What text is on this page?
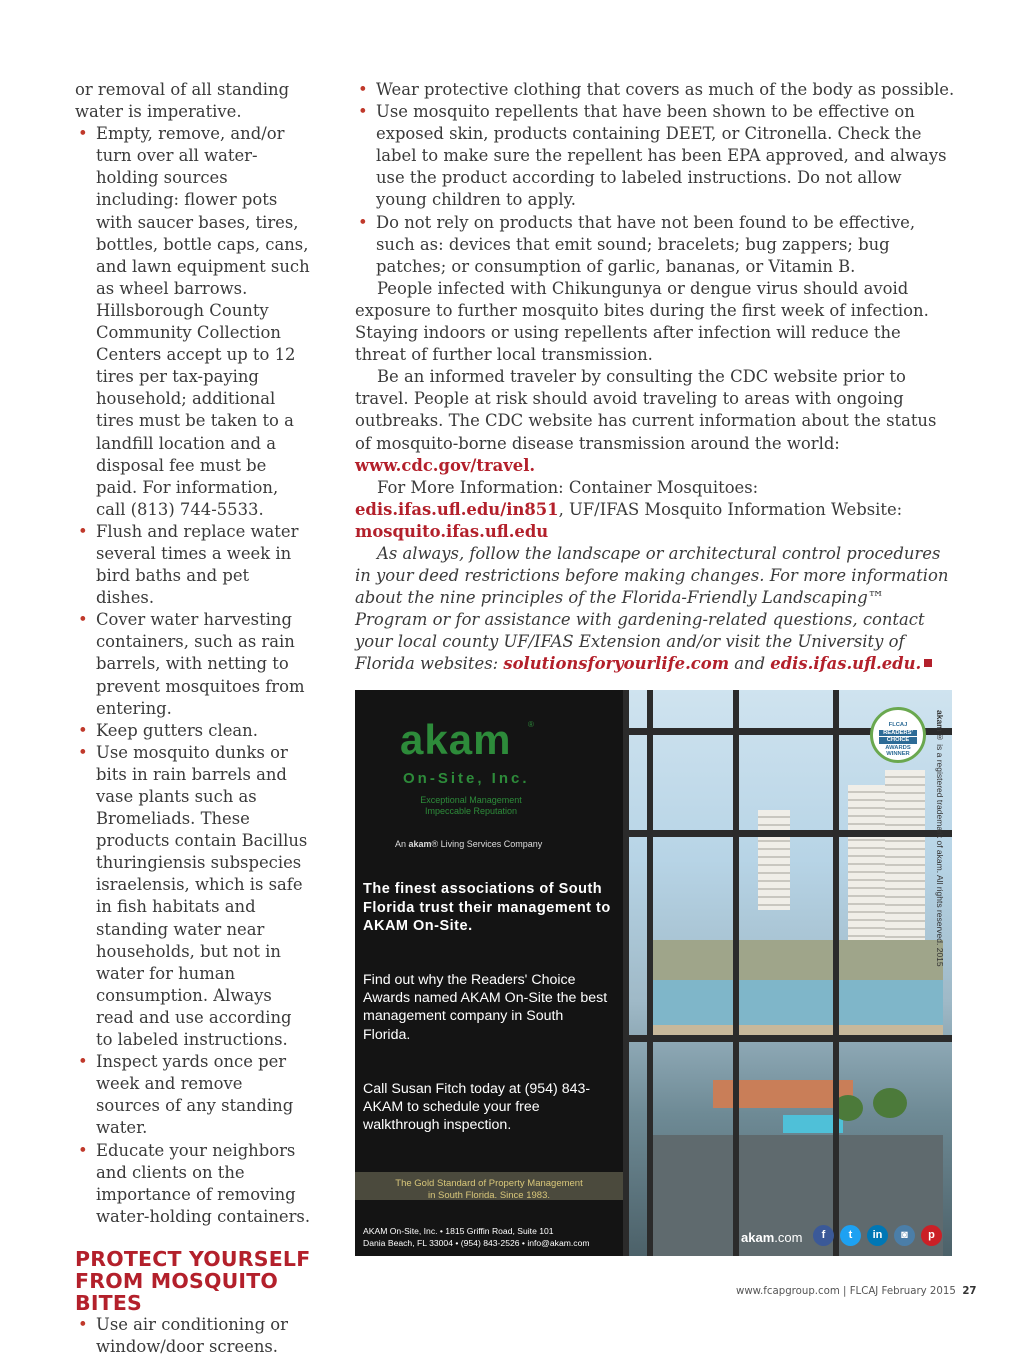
or removal of all standing water is imperative.

• Empty, remove, and/or turn over all water-holding sources including: flower pots with saucer bases, tires, bottles, bottle caps, cans, and lawn equipment such as wheel barrows. Hillsborough County Community Collection Centers accept up to 12 tires per tax-paying household; additional tires must be taken to a landfill location and a disposal fee must be paid. For information, call (813) 744-5533.
• Flush and replace water several times a week in bird baths and pet dishes.
• Cover water harvesting containers, such as rain barrels, with netting to prevent mosquitoes from entering.
• Keep gutters clean.
• Use mosquito dunks or bits in rain barrels and vase plants such as Bromeliads. These products contain Bacillus thuringiensis subspecies israelensis, which is safe in fish habitats and standing water near households, but not in water for human consumption. Always read and use according to labeled instructions.
• Inspect yards once per week and remove sources of any standing water.
• Educate your neighbors and clients on the importance of removing water-holding containers.
PROTECT YOURSELF FROM MOSQUITO BITES
• Use air conditioning or window/door screens.
• Wear protective clothing that covers as much of the body as possible.
• Use mosquito repellents that have been shown to be effective on exposed skin, products containing DEET, or Citronella. Check the label to make sure the repellent has been EPA approved, and always use the product according to labeled instructions. Do not allow young children to apply.
• Do not rely on products that have not been found to be effective, such as: devices that emit sound; bracelets; bug zappers; bug patches; or consumption of garlic, bananas, or Vitamin B.

People infected with Chikungunya or dengue virus should avoid exposure to further mosquito bites during the first week of infection. Staying indoors or using repellents after infection will reduce the threat of further local transmission.

Be an informed traveler by consulting the CDC website prior to travel. People at risk should avoid traveling to areas with ongoing outbreaks. The CDC website has current information about the status of mosquito-borne disease transmission around the world: www.cdc.gov/travel.

For More Information: Container Mosquitoes: edis.ifas.ufl.edu/in851, UF/IFAS Mosquito Information Website: mosquito.ifas.ufl.edu

As always, follow the landscape or architectural control procedures in your deed restrictions before making changes. For more information about the nine principles of the Florida-Friendly Landscaping™ Program or for assistance with gardening-related questions, contact your local county UF/IFAS Extension and/or visit the University of Florida websites: solutionsforyourlife.com and edis.ifas.ufl.edu.

akam ®
On-Site, Inc.
Exceptional Management
Impeccable Reputation
An akam® Living Services Company
The finest associations of South Florida trust their management to AKAM On-Site.
Find out why the Readers' Choice Awards named AKAM On-Site the best management company in South Florida.
Call Susan Fitch today at (954) 843-AKAM to schedule your free walkthrough inspection.
The Gold Standard of Property Management
in South Florida. Since 1983.
AKAM On-Site, Inc. • 1815 Griffin Road, Suite 101
Dania Beach, FL 33004 • (954) 843-2526 • info@akam.com
FLCAJ
READERS'
CHOICE
AWARDS
WINNER
akam® is a registered trademark of akam. All rights reserved. 2015
akam.com	f	t	in	◙	p
www.fcapgroup.com | FLCAJ February 2015 27
